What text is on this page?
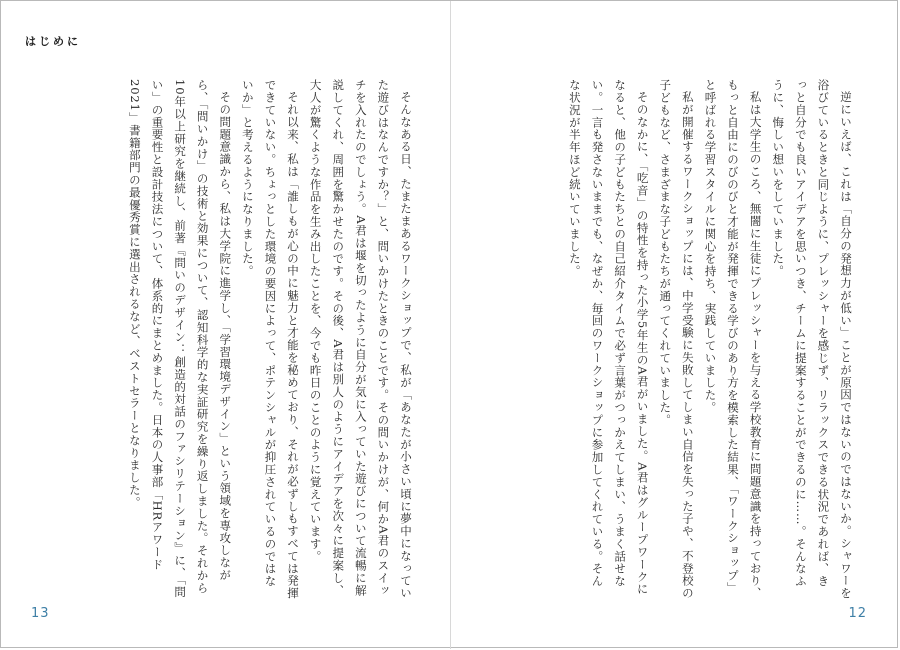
はじめに

逆にいえば、これは「自分の発想力が低い」ことが原因ではないのではないか。シャワーを浴びているときと同じように、プレッシャーを感じず、リラックスできる状況であれば、きっと自分でも良いアイデアを思いつき、チームに提案することができるのに……。そんなふうに、悔しい想いをしていました。

私は大学生のころ、無闇に生徒にプレッシャーを与える学校教育に問題意識を持っており、もっと自由にのびのびと才能が発揮できる学びのあり方を模索した結果、「ワークショップ」と呼ばれる学習スタイルに関心を持ち、実践していました。

私が開催するワークショップには、中学受験に失敗してしまい自信を失った子や、不登校の子どもなど、さまざまな子どもたちが通ってくれていました。

そのなかに、「吃音」の特性を持った小学5年生のA君がいました。A君はグループワークになると、他の子どもたちとの自己紹介タイムで必ず言葉がつっかえてしまい、うまく話せない。一言も発さないままでも、なぜか、毎回のワークショップに参加してくれている。そんな状況が半年ほど続いていました。

そんなある日、たまたまあるワークショップで、私が「あなたが小さい頃に夢中になっていた遊びはなんですか？」と、問いかけたときのことです。その問いかけが、何かA君のスイッチを入れたのでしょう。A君は堰を切ったように自分が気に入っていた遊びについて流暢に解説してくれ、周囲を驚かせたのです。その後、A君は別人のようにアイデアを次々に提案し、大人が驚くような作品を生み出したことを、今でも昨日のことのように覚えています。

それ以来、私は「誰しもが心の中に魅力と才能を秘めており、それが必ずしもすべては発揮できていない。ちょっとした環境の要因によって、ポテンシャルが抑圧されているのではないか」と考えるようになりました。

その問題意識から、私は大学院に進学し、「学習環境デザイン」という領域を専攻しながら、「問いかけ」の技術と効果について、認知科学的な実証研究を繰り返しました。それから10年以上研究を継続し、前著『問いのデザイン：創造的対話のファシリテーション』に、「問い」の重要性と設計技法について、体系的にまとめました。日本の人事部「HRアワード2021」書籍部門の最優秀賞に選出されるなど、ベストセラーとなりました。

13	12
